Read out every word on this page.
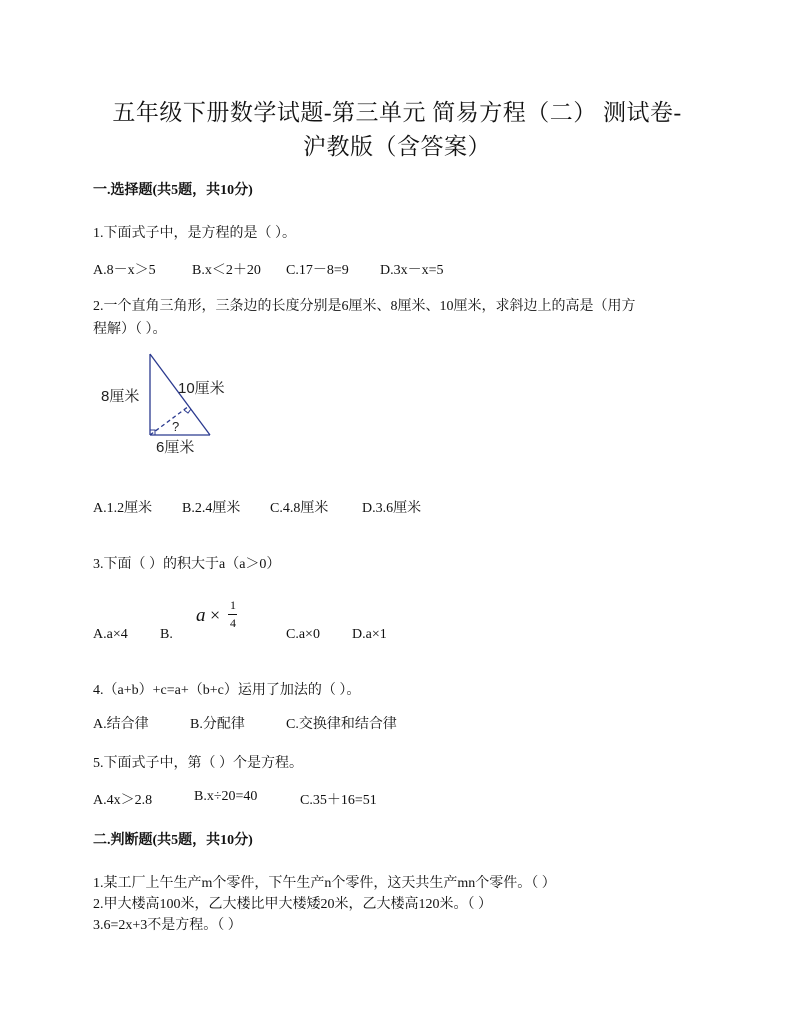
五年级下册数学试题-第三单元 简易方程（二） 测试卷-
沪教版（含答案）
一.选择题(共5题，共10分)
1.下面式子中，是方程的是（ ）。
A.8－x＞5	B.x＜2＋20 C.17－8=9 D.3x－x=5
2.一个直角三角形，三条边的长度分别是6厘米、8厘米、10厘米，求斜边上的高是（用方
程解）（ ）。
8厘米	10厘米
6厘米
?
A.1.2厘米 B.2.4厘米 C.4.8厘米 D.3.6厘米
3.下面（ ）的积大于a（a＞0）
a × 1
4
A.a×4 B.	C.a×0 D.a×1
4.（a+b）+c=a+（b+c）运用了加法的（ ）。
A.结合律	B.分配律	C.交换律和结合律
5.下面式子中，第（ ）个是方程。
A.4x＞2.8	B.x÷20=40	C.35＋16=51
二.判断题(共5题，共10分)
1.某工厂上午生产m个零件，下午生产n个零件，这天共生产mn个零件。（ ）
2.甲大楼高100米，乙大楼比甲大楼矮20米，乙大楼高120米。（ ）
3.6=2x+3不是方程。（ ）
